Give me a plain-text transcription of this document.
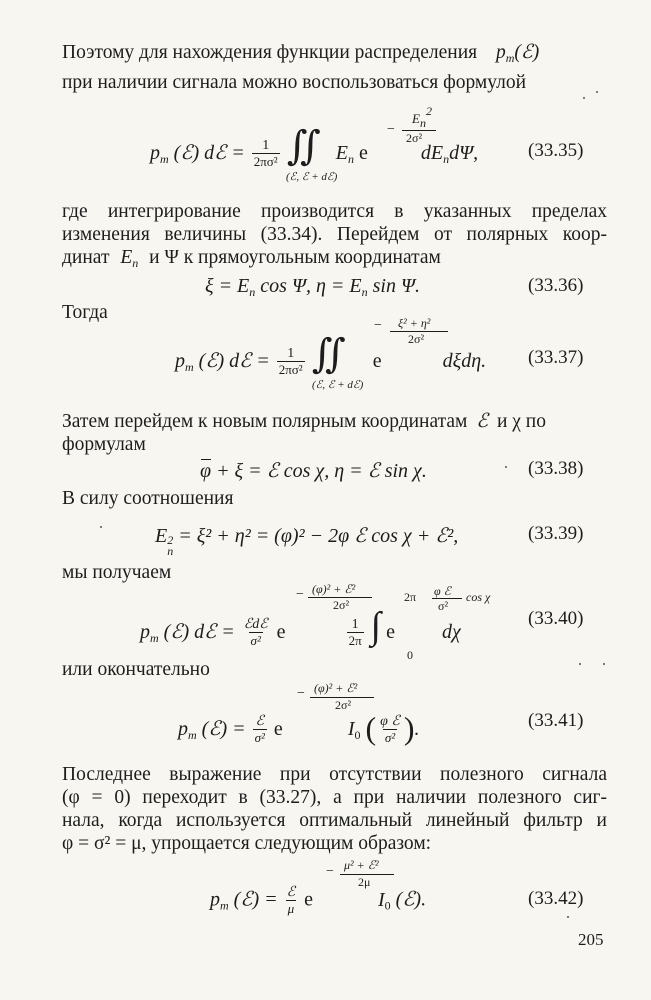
Поэтому для нахождения функции распределения $p_m(ℰ)$
при наличии сигнала можно воспользоваться формулой
$p_m$ (ℰ) dℰ = $\frac{1}{\text{2πσ²}}$ ∬ $E_n$ e	$dE_nd\Psi$,
(ℰ, ℰ + dℰ)
En2
−
2σ²
(33.35)
где интегрирование производится в указанных пределах
изменения величины (33.34). Перейдем от полярных коор-
динат $E_n$ и Ψ к прямоугольным координатам
$\xi = E_n$ cos Ψ, $\eta = E_n$ sin Ψ.	(33.36)
Тогда
$p_m$ (ℰ) dℰ = $\frac{1}{\text{2πσ²}}$ ∬ e	dξdη.
(ℰ, ℰ + dℰ)
− ξ² + η²
2σ²
(33.37)
Затем перейдем к новым полярным координатам ℰ и χ по
формулам
φ + ξ = ℰ cos χ, η = ℰ sin χ.	(33.38)
В силу соотношения
E 2
n
= ξ² + η² = (φ)² − 2φ ℰ cos χ + ℰ²,	(33.39)
мы получаем
$p_m$ (ℰ) dℰ = $\frac{\text{ℰdℰ}}{\text{σ²}}$ e	$\frac{1}{2\pi}$ ∫ e dχ
2π
0
− (φ)² + ℰ²
2σ²
φ ℰ
σ²
cos χ
(33.40)
или окончательно
$p_m$ (ℰ) = $\frac{\text{ℰ}}{\text{σ²}}$ e	$I_0$ ( $\frac{\text{φ ℰ}}{\text{σ²}}$ ).
− (φ)² + ℰ²
2σ²
(33.41)
Последнее выражение при отсутствии полезного сигнала
(φ = 0) переходит в (33.27), а при наличии полезного сиг-
нала, когда используется оптимальный линейный фильтр и
φ = σ² = μ, упрощается следующим образом:
$p_m$ (ℰ) = $\frac{\text{ℰ}}{\mu}$ e	$I_0$ (ℰ).
− μ² + ℰ²
2μ
(33.42)
205
